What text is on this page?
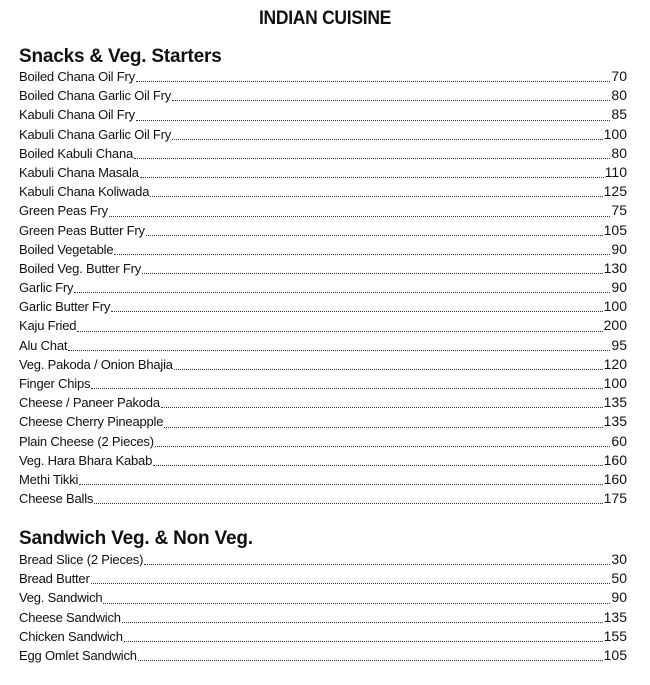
INDIAN CUISINE
Snacks & Veg. Starters
Boiled Chana Oil Fry	70
Boiled Chana Garlic Oil Fry	80
Kabuli Chana Oil Fry	85
Kabuli Chana Garlic Oil Fry	100
Boiled Kabuli Chana	80
Kabuli Chana Masala	110
Kabuli Chana Koliwada	125
Green Peas Fry	75
Green Peas Butter Fry	105
Boiled Vegetable	90
Boiled Veg. Butter Fry	130
Garlic Fry	90
Garlic Butter Fry	100
Kaju Fried	200
Alu Chat	95
Veg. Pakoda / Onion Bhajia	120
Finger Chips	100
Cheese / Paneer Pakoda	135
Cheese Cherry Pineapple	135
Plain Cheese (2 Pieces)	60
Veg. Hara Bhara Kabab	160
Methi Tikki	160
Cheese Balls	175
Sandwich Veg. & Non Veg.
Bread Slice (2 Pieces)	30
Bread Butter	50
Veg. Sandwich	90
Cheese Sandwich	135
Chicken Sandwich	155
Egg Omlet Sandwich	105
